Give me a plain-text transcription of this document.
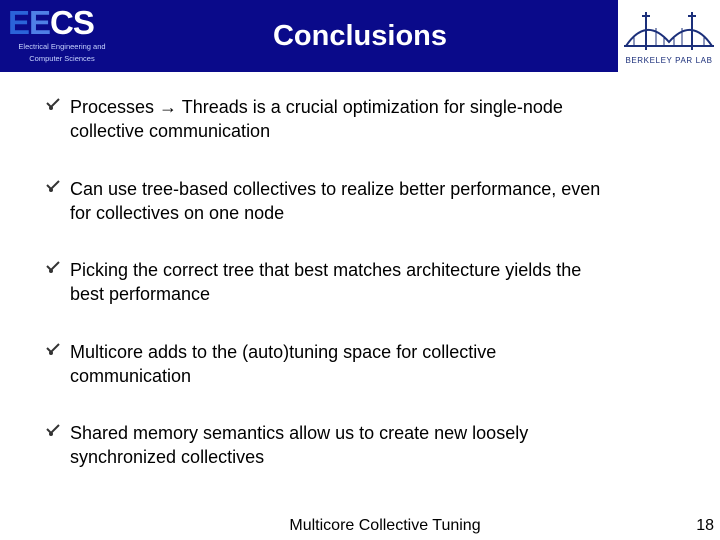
EECS
Electrical Engineering and
Computer Sciences
Conclusions
BERKELEY PAR LAB
Processes → Threads is a crucial optimization for single-node
collective communication
Can use tree-based collectives to realize better performance, even
for collectives on one node
Picking the correct tree that best matches architecture yields the
best performance
Multicore adds to the (auto)tuning space for collective
communication
Shared memory semantics allow us to create new loosely
synchronized collectives
Multicore Collective Tuning	18
